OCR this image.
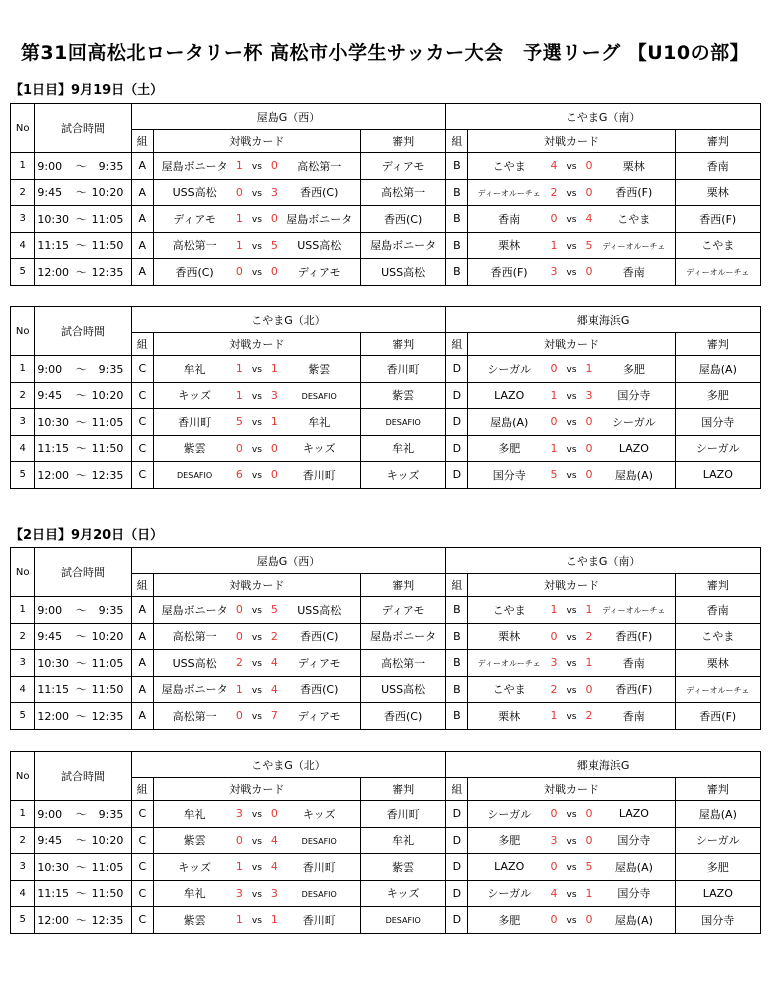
第31回高松北ロータリー杯 高松市小学生サッカー大会　予選リーグ 【U10の部】
【1日目】9月19日（土）
No	試合時間	屋島G（西）					こやまG（南）				
		組	対戦カード			審判	組	対戦カード			審判
1	9:00 〜 9:35	A	屋島ボニータ	1 vs 0	高松第一	ディアモ	B	こやま	4 vs 0	栗林	香南
2	9:45 〜 10:20	A	USS高松	0 vs 3	香西(C)	高松第一	B	ディーオルーチェ	2 vs 0	香西(F)	栗林
3	10:30 〜 11:05	A	ディアモ	1 vs 0	屋島ボニータ	香西(C)	B	香南	0 vs 4	こやま	香西(F)
4	11:15 〜 11:50	A	高松第一	1 vs 5	USS高松	屋島ボニータ	B	栗林	1 vs 5	ディーオルーチェ	こやま
5	12:00 〜 12:35	A	香西(C)	0 vs 0	ディアモ	USS高松	B	香西(F)	3 vs 0	香南	ディーオルーチェ
No	試合時間	こやまG（北）					郷東海浜G				
		組	対戦カード			審判	組	対戦カード			審判
1	9:00 〜 9:35	C	牟礼	1 vs 1	紫雲	香川町	D	シーガル	0 vs 1	多肥	屋島(A)
2	9:45 〜 10:20	C	キッズ	1 vs 3	DESAFIO	紫雲	D	LAZO	1 vs 3	国分寺	多肥
3	10:30 〜 11:05	C	香川町	5 vs 1	牟礼	DESAFIO	D	屋島(A)	0 vs 0	シーガル	国分寺
4	11:15 〜 11:50	C	紫雲	0 vs 0	キッズ	牟礼	D	多肥	1 vs 0	LAZO	シーガル
5	12:00 〜 12:35	C	DESAFIO	6 vs 0	香川町	キッズ	D	国分寺	5 vs 0	屋島(A)	LAZO
【2日目】9月20日（日）
No	試合時間	屋島G（西）					こやまG（南）				
		組	対戦カード			審判	組	対戦カード			審判
1	9:00 〜 9:35	A	屋島ボニータ	0 vs 5	USS高松	ディアモ	B	こやま	1 vs 1	ディーオルーチェ	香南
2	9:45 〜 10:20	A	高松第一	0 vs 2	香西(C)	屋島ボニータ	B	栗林	0 vs 2	香西(F)	こやま
3	10:30 〜 11:05	A	USS高松	2 vs 4	ディアモ	高松第一	B	ディーオルーチェ	3 vs 1	香南	栗林
4	11:15 〜 11:50	A	屋島ボニータ	1 vs 4	香西(C)	USS高松	B	こやま	2 vs 0	香西(F)	ディーオルーチェ
5	12:00 〜 12:35	A	高松第一	0 vs 7	ディアモ	香西(C)	B	栗林	1 vs 2	香南	香西(F)
No	試合時間	こやまG（北）					郷東海浜G				
		組	対戦カード			審判	組	対戦カード			審判
1	9:00 〜 9:35	C	牟礼	3 vs 0	キッズ	香川町	D	シーガル	0 vs 0	LAZO	屋島(A)
2	9:45 〜 10:20	C	紫雲	0 vs 4	DESAFIO	牟礼	D	多肥	3 vs 0	国分寺	シーガル
3	10:30 〜 11:05	C	キッズ	1 vs 4	香川町	紫雲	D	LAZO	0 vs 5	屋島(A)	多肥
4	11:15 〜 11:50	C	牟礼	3 vs 3	DESAFIO	キッズ	D	シーガル	4 vs 1	国分寺	LAZO
5	12:00 〜 12:35	C	紫雲	1 vs 1	香川町	DESAFIO	D	多肥	0 vs 0	屋島(A)	国分寺
